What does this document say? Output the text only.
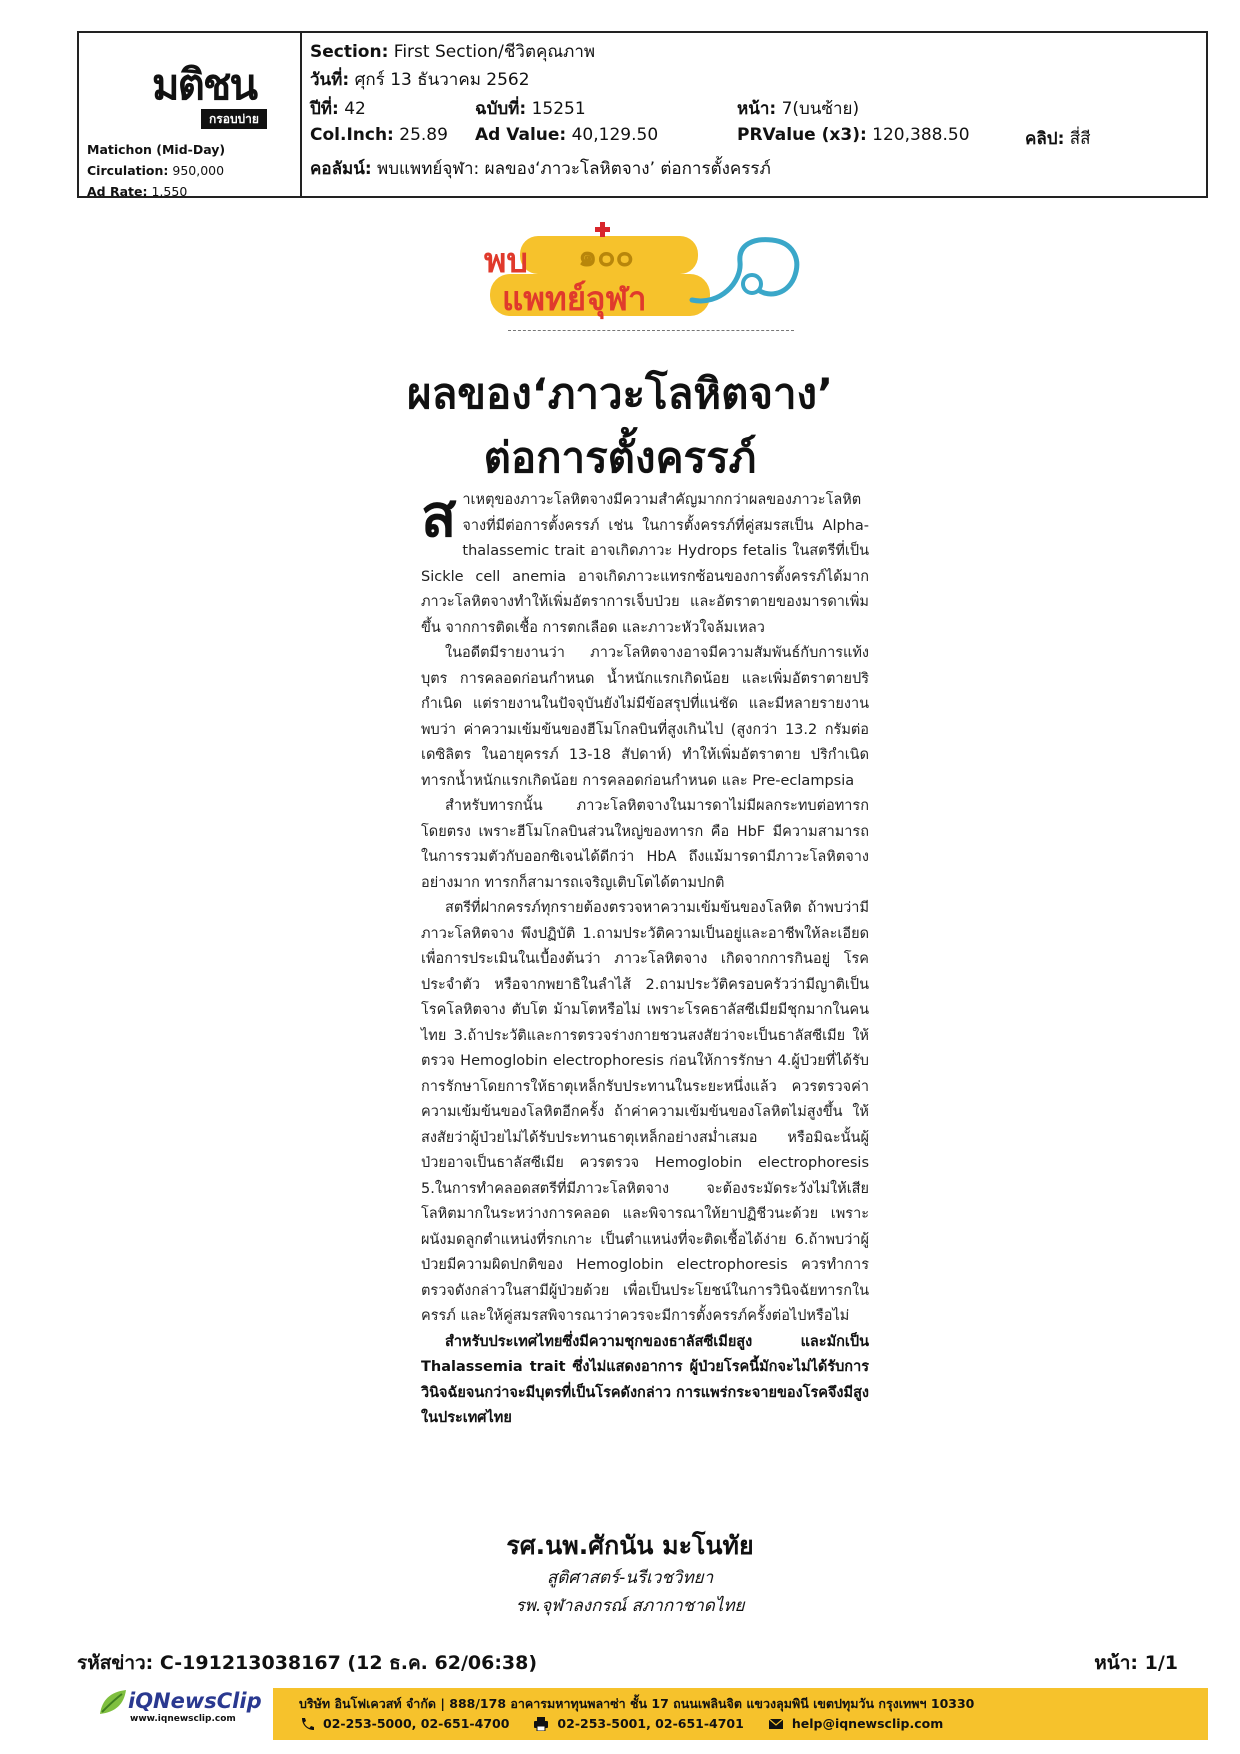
มติชน
กรอบบ่าย
Matichon (Mid-Day)
Circulation: 950,000
Ad Rate: 1,550
Section: First Section/ชีวิตคุณภาพ
วันที่: ศุกร์ 13 ธันวาคม 2562
ปีที่: 42	ฉบับที่: 15251	หน้า: 7(บนซ้าย)
Col.Inch: 25.89 Ad Value: 40,129.50	PRValue (x3): 120,388.50	คลิป: สี่สี
คอลัมน์: พบแพทย์จุฬา: ผลของ‘ภาวะโลหิตจาง’ ต่อการตั้งครรภ์
๑๐๐
พบ
แพทย์จุฬา
ผลของ‘ภาวะโลหิตจาง’
ต่อการตั้งครรภ์

สาเหตุของภาวะโลหิตจางมีความสำคัญมากกว่าผลของภาวะโลหิตจางที่มีต่อการตั้งครรภ์ เช่น ในการตั้งครรภ์ที่คู่สมรสเป็น Alpha-thalassemic trait อาจเกิดภาวะ Hydrops fetalis ในสตรีที่เป็น Sickle cell anemia อาจเกิดภาวะแทรกซ้อนของการตั้งครรภ์ได้มาก ภาวะโลหิตจางทำให้เพิ่มอัตราการเจ็บป่วย และอัตราตายของมารดาเพิ่มขึ้น จากการติดเชื้อ การตกเลือด และภาวะหัวใจล้มเหลว

ในอดีตมีรายงานว่า ภาวะโลหิตจางอาจมีความสัมพันธ์กับการแท้งบุตร การคลอดก่อนกำหนด น้ำหนักแรกเกิดน้อย และเพิ่มอัตราตายปริกำเนิด แต่รายงานในปัจจุบันยังไม่มีข้อสรุปที่แน่ชัด และมีหลายรายงานพบว่า ค่าความเข้มข้นของฮีโมโกลบินที่สูงเกินไป (สูงกว่า 13.2 กรัมต่อเดซิลิตร ในอายุครรภ์ 13-18 สัปดาห์) ทำให้เพิ่มอัตราตาย ปริกำเนิด ทารกน้ำหนักแรกเกิดน้อย การคลอดก่อนกำหนด และ Pre-eclampsia

สำหรับทารกนั้น ภาวะโลหิตจางในมารดาไม่มีผลกระทบต่อทารกโดยตรง เพราะฮีโมโกลบินส่วนใหญ่ของทารก คือ HbF มีความสามารถในการรวมตัวกับออกซิเจนได้ดีกว่า HbA ถึงแม้มารดามีภาวะโลหิตจางอย่างมาก ทารกก็สามารถเจริญเติบโตได้ตามปกติ

สตรีที่ฝากครรภ์ทุกรายต้องตรวจหาความเข้มข้นของโลหิต ถ้าพบว่ามีภาวะโลหิตจาง พึงปฏิบัติ 1.ถามประวัติความเป็นอยู่และอาชีพให้ละเอียด เพื่อการประเมินในเบื้องต้นว่า ภาวะโลหิตจาง เกิดจากการกินอยู่ โรคประจำตัว หรือจากพยาธิในลำไส้ 2.ถามประวัติครอบครัวว่ามีญาติเป็นโรคโลหิตจาง ตับโต ม้ามโตหรือไม่ เพราะโรคธาลัสซีเมียมีชุกมากในคนไทย 3.ถ้าประวัติและการตรวจร่างกายชวนสงสัยว่าจะเป็นธาลัสซีเมีย ให้ตรวจ Hemoglobin electrophoresis ก่อนให้การรักษา 4.ผู้ป่วยที่ได้รับการรักษาโดยการให้ธาตุเหล็กรับประทานในระยะหนึ่งแล้ว ควรตรวจค่าความเข้มข้นของโลหิตอีกครั้ง ถ้าค่าความเข้มข้นของโลหิตไม่สูงขึ้น ให้สงสัยว่าผู้ป่วยไม่ได้รับประทานธาตุเหล็กอย่างสม่ำเสมอ หรือมิฉะนั้นผู้ป่วยอาจเป็นธาลัสซีเมีย ควรตรวจ Hemoglobin electrophoresis 5.ในการทำคลอดสตรีที่มีภาวะโลหิตจาง จะต้องระมัดระวังไม่ให้เสียโลหิตมากในระหว่างการคลอด และพิจารณาให้ยาปฏิชีวนะด้วย เพราะผนังมดลูกตำแหน่งที่รกเกาะ เป็นตำแหน่งที่จะติดเชื้อได้ง่าย 6.ถ้าพบว่าผู้ป่วยมีความผิดปกติของ Hemoglobin electrophoresis ควรทำการตรวจดังกล่าวในสามีผู้ป่วยด้วย เพื่อเป็นประโยชน์ในการวินิจฉัยทารกในครรภ์ และให้คู่สมรสพิจารณาว่าควรจะมีการตั้งครรภ์ครั้งต่อไปหรือไม่

สำหรับประเทศไทยซึ่งมีความชุกของธาลัสซีเมียสูง และมักเป็น Thalassemia trait ซึ่งไม่แสดงอาการ ผู้ป่วยโรคนี้มักจะไม่ได้รับการวินิจฉัยจนกว่าจะมีบุตรที่เป็นโรคดังกล่าว การแพร่กระจายของโรคจึงมีสูงในประเทศไทย

รศ.นพ.ศักนัน มะโนทัย
สูติศาสตร์-นรีเวชวิทยา
รพ.จุฬาลงกรณ์ สภากาชาดไทย
รหัสข่าว: C-191213038167 (12 ธ.ค. 62/06:38)	หน้า: 1/1
iQNewsClip
www.iqnewsclip.com
บริษัท อินโฟเควสท์ จำกัด | 888/178 อาคารมหาทุนพลาซ่า ชั้น 17 ถนนเพลินจิต แขวงลุมพินี เขตปทุมวัน กรุงเทพฯ 10330
02-253-5000, 02-651-4700	02-253-5001, 02-651-4701	help@iqnewsclip.com
